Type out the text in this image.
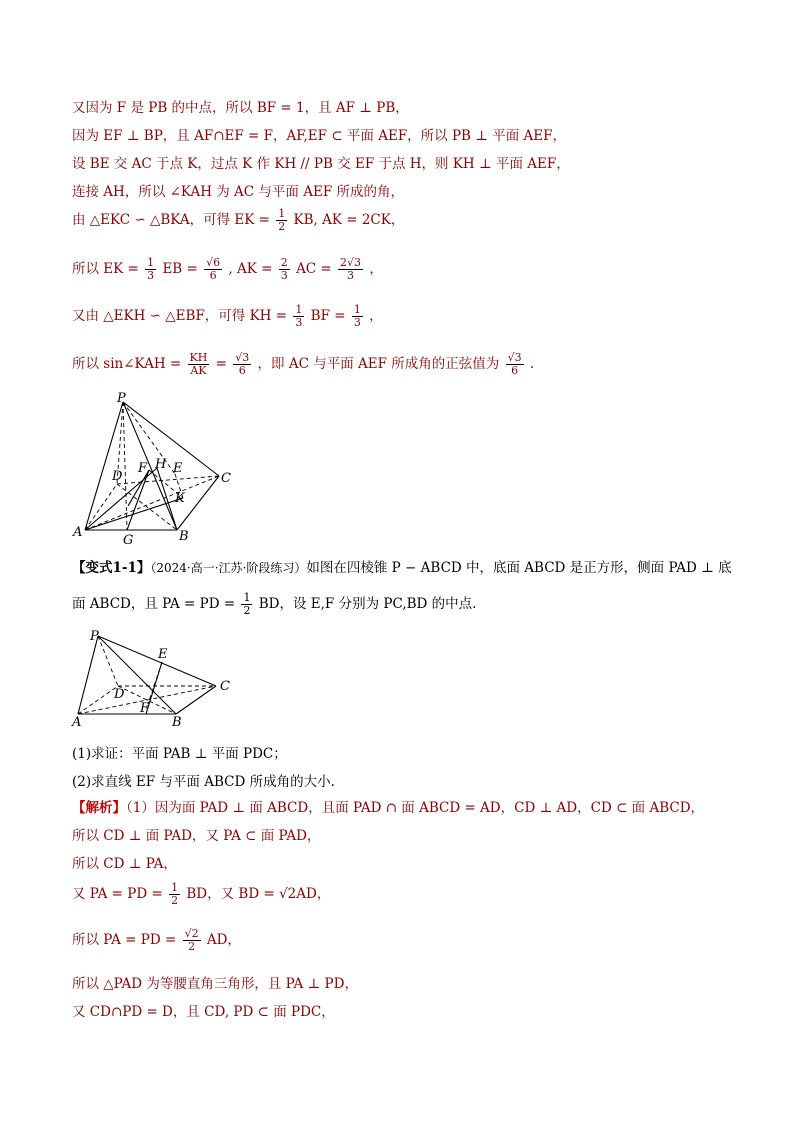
又因为 F 是 PB 的中点，所以 BF = 1，且 AF ⊥ PB，
因为 EF ⊥ BP，且 AF∩EF = F，AF,EF ⊂ 平面 AEF，所以 PB ⊥ 平面 AEF，
设 BE 交 AC 于点 K，过点 K 作 KH // PB 交 EF 于点 H，则 KH ⊥ 平面 AEF，
连接 AH，所以 ∠KAH 为 AC 与平面 AEF 所成的角，
由 △EKC ∽ △BKA，可得 EK = $\frac{1}{2}$ KB, AK = 2CK，
所以 EK = $\frac{1}{3}$ EB = $\frac{√6}{6}$ , AK = $\frac{2}{3}$ AC = $\frac{2√3}{3}$ ，
又由 △EKH ∽ △EBF，可得 KH = $\frac{1}{3}$ BF = $\frac{1}{3}$ ，
所以 sin∠KAH = $\frac{KH}{AK} = \frac{√3}{6}$ ，即 AC 与平面 AEF 所成角的正弦值为 $\frac{√3}{6}$ .
P
D
F H E
C
K
A
G	B
【变式1-1】（2024·高一·江苏·阶段练习）如图在四棱锥 P − ABCD 中，底面 ABCD 是正方形，侧面 PAD ⊥ 底
面 ABCD，且 PA = PD = $\frac{1}{2}$ BD，设 E,F 分别为 PC,BD 的中点.
P
E
D
C
F
A	B
(1)求证：平面 PAB ⊥ 平面 PDC；
(2)求直线 EF 与平面 ABCD 所成角的大小.
【解析】（1）因为面 PAD ⊥ 面 ABCD，且面 PAD ∩ 面 ABCD = AD，CD ⊥ AD，CD ⊂ 面 ABCD，
所以 CD ⊥ 面 PAD，又 PA ⊂ 面 PAD，
所以 CD ⊥ PA，
又 PA = PD = $\frac{1}{2}$ BD，又 BD = √2AD，
所以 PA = PD = $\frac{√2}{2}$ AD，
所以 △PAD 为等腰直角三角形，且 PA ⊥ PD，
又 CD∩PD = D，且 CD, PD ⊂ 面 PDC，
